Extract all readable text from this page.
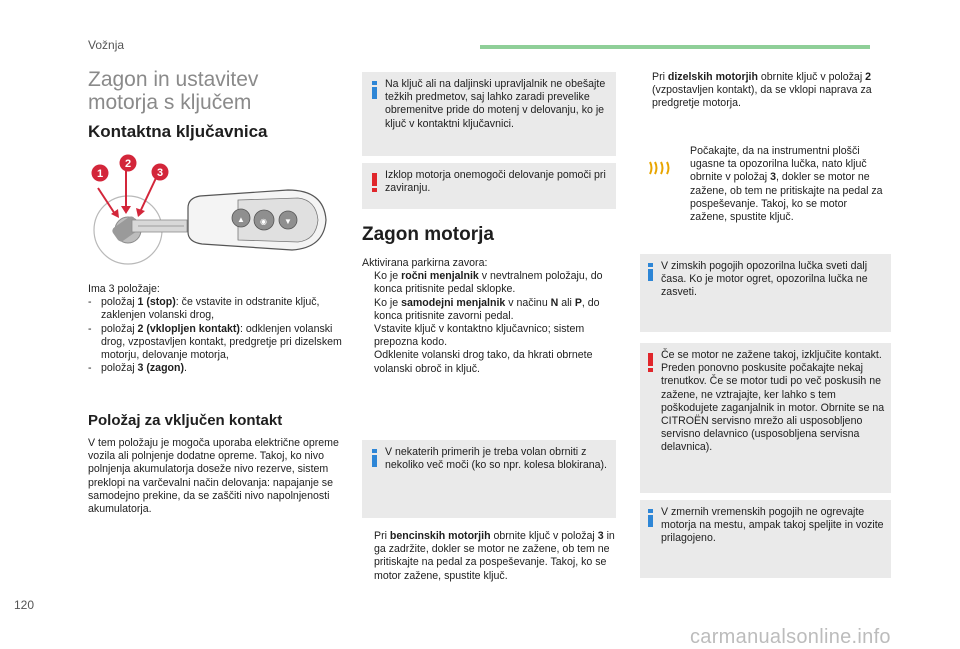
Vožnja
Zagon in ustavitev
motorja s ključem
Kontaktna ključavnica
▲ ◉ ▼
1
2
3
Ima 3 položaje:
- položaj 1 (stop): če vstavite in odstranite ključ, zaklenjen volanski drog,
- položaj 2 (vklopljen kontakt): odklenjen volanski drog, vzpostavljen kontakt, predgretje pri dizelskem motorju, delovanje motorja,
- položaj 3 (zagon).
Položaj za vključen kontakt
V tem položaju je mogoča uporaba električne opreme vozila ali polnjenje dodatne opreme. Takoj, ko nivo polnjenja akumulatorja doseže nivo rezerve, sistem preklopi na varčevalni način delovanja: napajanje se samodejno prekine, da se zaščiti nivo napolnjenosti akumulatorja.
Na ključ ali na daljinski upravljalnik ne obešajte težkih predmetov, saj lahko zaradi prevelike obremenitve pride do motenj v delovanju, ko je ključ v kontaktni ključavnici.
Izklop motorja onemogoči delovanje pomoči pri zaviranju.
Zagon motorja
Aktivirana parkirna zavora:
Ko je ročni menjalnik v nevtralnem položaju, do konca pritisnite pedal sklopke.
Ko je samodejni menjalnik v načinu N ali P, do konca pritisnite zavorni pedal.
Vstavite ključ v kontaktno ključavnico; sistem prepozna kodo.
Odklenite volanski drog tako, da hkrati obrnete volanski obroč in ključ.
V nekaterih primerih je treba volan obrniti z nekoliko več moči (ko so npr. kolesa blokirana).
Pri bencinskih motorjih obrnite ključ v položaj 3 in ga zadržite, dokler se motor ne zažene, ob tem ne pritiskajte na pedal za pospeševanje. Takoj, ko se motor zažene, spustite ključ.
Pri dizelskih motorjih obrnite ključ v položaj 2 (vzpostavljen kontakt), da se vklopi naprava za predgretje motorja.
Počakajte, da na instrumentni plošči ugasne ta opozorilna lučka, nato ključ obrnite v položaj 3, dokler se motor ne zažene, ob tem ne pritiskajte na pedal za pospeševanje. Takoj, ko se motor zažene, spustite ključ.
V zimskih pogojih opozorilna lučka sveti dalj časa. Ko je motor ogret, opozorilna lučka ne zasveti.
Če se motor ne zažene takoj, izključite kontakt. Preden ponovno poskusite počakajte nekaj trenutkov. Če se motor tudi po več poskusih ne zažene, ne vztrajajte, ker lahko s tem poškodujete zaganjalnik in motor. Obrnite se na CITROËN servisno mrežo ali usposobljeno servisno delavnico (usposobljena servisna delavnica).
V zmernih vremenskih pogojih ne ogrevajte motorja na mestu, ampak takoj speljite in vozite prilagojeno.
120
carmanualsonline.info
